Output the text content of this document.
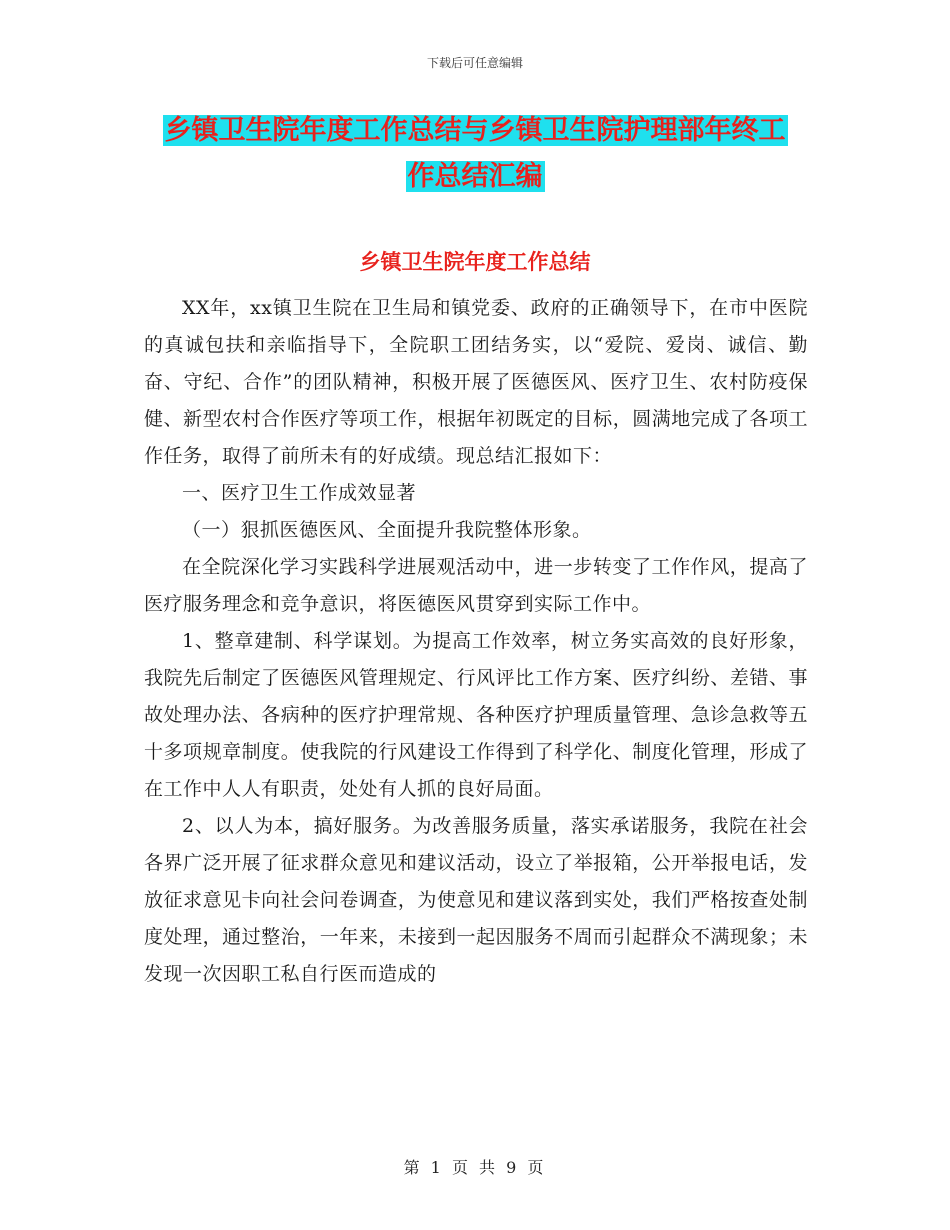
下载后可任意编辑
乡镇卫生院年度工作总结与乡镇卫生院护理部年终工
作总结汇编
乡镇卫生院年度工作总结

XX年，xx镇卫生院在卫生局和镇党委、政府的正确领导下，在市中医院的真诚包扶和亲临指导下，全院职工团结务实，以“爱院、爱岗、诚信、勤奋、守纪、合作”的团队精神，积极开展了医德医风、医疗卫生、农村防疫保健、新型农村合作医疗等项工作，根据年初既定的目标，圆满地完成了各项工作任务，取得了前所未有的好成绩。现总结汇报如下：

一、医疗卫生工作成效显著

（一）狠抓医德医风、全面提升我院整体形象。

在全院深化学习实践科学进展观活动中，进一步转变了工作作风，提高了医疗服务理念和竞争意识，将医德医风贯穿到实际工作中。

1、整章建制、科学谋划。为提高工作效率，树立务实高效的良好形象，我院先后制定了医德医风管理规定、行风评比工作方案、医疗纠纷、差错、事故处理办法、各病种的医疗护理常规、各种医疗护理质量管理、急诊急救等五十多项规章制度。使我院的行风建设工作得到了科学化、制度化管理，形成了在工作中人人有职责，处处有人抓的良好局面。

2、以人为本，搞好服务。为改善服务质量，落实承诺服务，我院在社会各界广泛开展了征求群众意见和建议活动，设立了举报箱，公开举报电话，发放征求意见卡向社会问卷调查，为使意见和建议落到实处，我们严格按查处制度处理，通过整治，一年来，未接到一起因服务不周而引起群众不满现象；未发现一次因职工私自行医而造成的

第 1 页 共 9 页
